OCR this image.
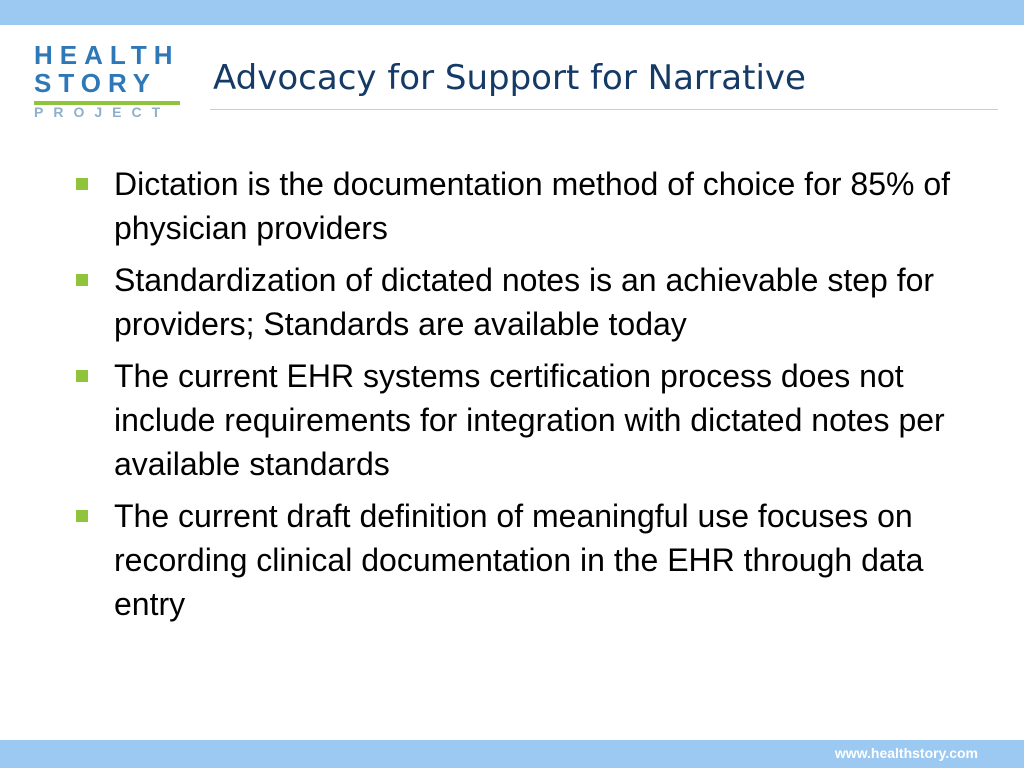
HEALTH
STORY
PROJECT
Advocacy for Support for Narrative
Dictation is the documentation method of choice for 85% of physician providers
Standardization of dictated notes is an achievable step for providers; Standards are available today
The current EHR systems certification process does not include requirements for integration with dictated notes per available standards
The current draft definition of meaningful use focuses on recording clinical documentation in the EHR through data entry
www.healthstory.com
